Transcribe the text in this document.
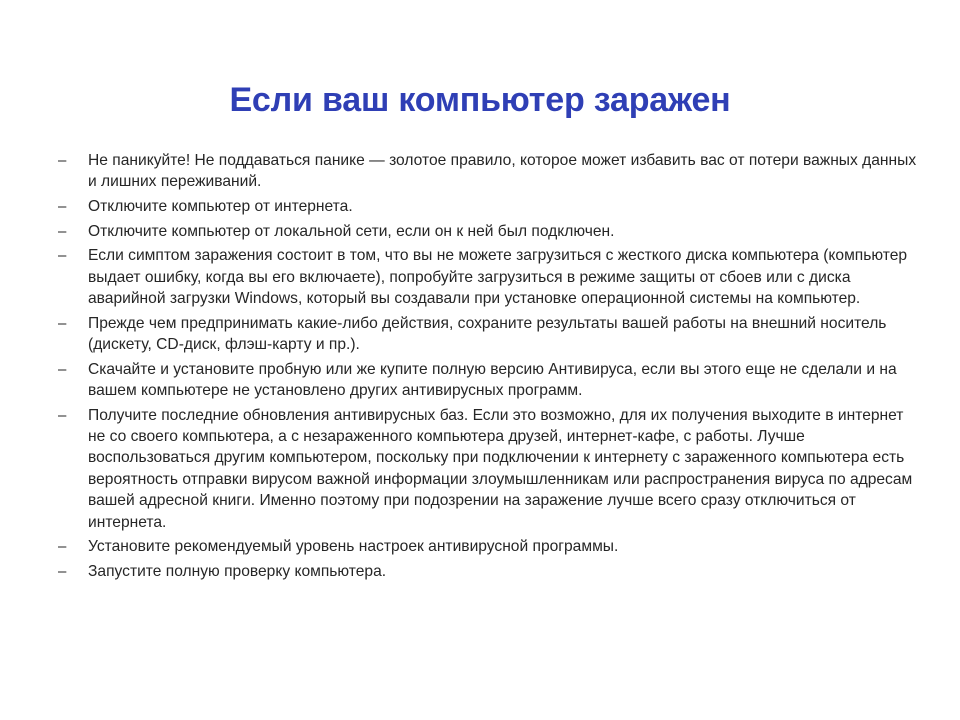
Если ваш компьютер заражен
– Не паникуйте! Не поддаваться панике — золотое правило, которое может избавить вас от потери важных данных и лишних переживаний.
– Отключите компьютер от интернета.
– Отключите компьютер от локальной сети, если он к ней был подключен.
– Если симптом заражения состоит в том, что вы не можете загрузиться с жесткого диска компьютера (компьютер выдает ошибку, когда вы его включаете), попробуйте загрузиться в режиме защиты от сбоев или с диска аварийной загрузки Windows, который вы создавали при установке операционной системы на компьютер.
– Прежде чем предпринимать какие-либо действия, сохраните результаты вашей работы на внешний носитель (дискету, CD-диск, флэш-карту и пр.).
– Скачайте и установите пробную или же купите полную версию Антивируса, если вы этого еще не сделали и на вашем компьютере не установлено других антивирусных программ.
– Получите последние обновления антивирусных баз. Если это возможно, для их получения выходите в интернет не со своего компьютера, а с незараженного компьютера друзей, интернет-кафе, с работы. Лучше воспользоваться другим компьютером, поскольку при подключении к интернету с зараженного компьютера есть вероятность отправки вирусом важной информации злоумышленникам или распространения вируса по адресам вашей адресной книги. Именно поэтому при подозрении на заражение лучше всего сразу отключиться от интернета.
– Установите рекомендуемый уровень настроек антивирусной программы.
– Запустите полную проверку компьютера.
